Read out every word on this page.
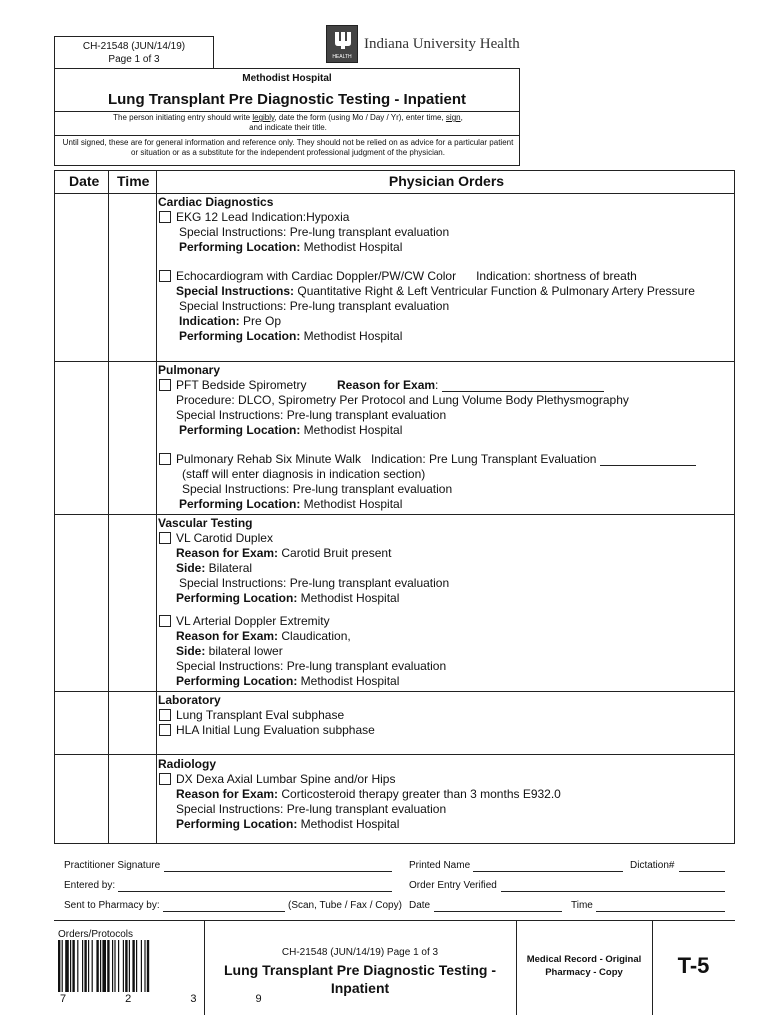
CH-21548 (JUN/14/19)
Page 1 of 3	HEALTH
Indiana University Health
Methodist Hospital
Lung Transplant Pre Diagnostic Testing - Inpatient
The person initiating entry should write legibly, date the form (using Mo / Day / Yr), enter time, sign,
and indicate their title.
Until signed, these are for general information and reference only. They should not be relied on as advice for a particular patient or situation or as a substitute for the independent professional judgment of the physician.
Date Time	Physician Orders
Cardiac Diagnostics
EKG 12 Lead Indication:Hypoxia
Special Instructions: Pre-lung transplant evaluation
Performing Location: Methodist Hospital
Echocardiogram with Cardiac Doppler/PW/CW Color      Indication: shortness of breath
Special Instructions: Quantitative Right & Left Ventricular Function & Pulmonary Artery Pressure
Special Instructions: Pre-lung transplant evaluation
Indication: Pre Op
Performing Location: Methodist Hospital
Pulmonary
PFT Bedside Spirometry	Reason for Exam:
Procedure: DLCO, Spirometry Per Protocol and Lung Volume Body Plethysmography
Special Instructions: Pre-lung transplant evaluation
Performing Location: Methodist Hospital
Pulmonary Rehab Six Minute Walk   Indication: Pre Lung Transplant Evaluation
(staff will enter diagnosis in indication section)
Special Instructions: Pre-lung transplant evaluation
Performing Location: Methodist Hospital
Vascular Testing
VL Carotid Duplex
Reason for Exam: Carotid Bruit present
Side: Bilateral
Special Instructions: Pre-lung transplant evaluation
Performing Location: Methodist Hospital
VL Arterial Doppler Extremity
Reason for Exam: Claudication,
Side: bilateral lower
Special Instructions: Pre-lung transplant evaluation
Performing Location: Methodist Hospital
Laboratory
Lung Transplant Eval subphase
HLA Initial Lung Evaluation subphase
Radiology
DX Dexa Axial Lumbar Spine and/or Hips
Reason for Exam: Corticosteroid therapy greater than 3 months E932.0
Special Instructions: Pre-lung transplant evaluation
Performing Location: Methodist Hospital
Practitioner Signature	Printed Name	Dictation#
Entered by:	Order Entry Verified
Sent to Pharmacy by:	(Scan, Tube / Fax / Copy) Date	Time
Orders/Protocols
7 2 3 9
CH-21548 (JUN/14/19) Page 1 of 3
Lung Transplant Pre Diagnostic Testing -
Inpatient
Medical Record - Original
Pharmacy - Copy	T-5
